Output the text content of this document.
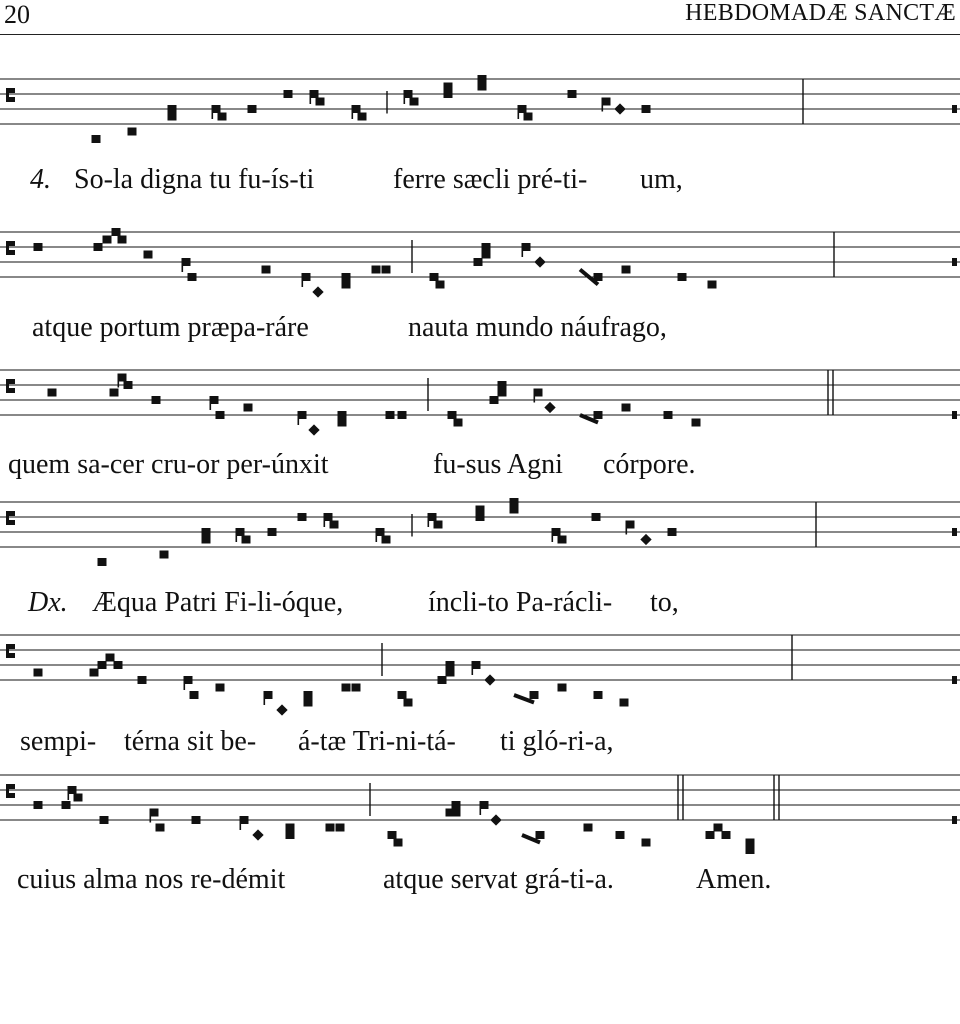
20	HEBDOMADÆ SANCTÆ

4.

So-la digna tu fu-ís-ti

	ferre sæcli pré-ti-

um,

atque portum præpa-ráre

	nauta mundo náufrago,

quem sa-cer cru-or per-únxit

	fu-sus Agni

córpore.

Dx.

Æqua Patri Fi-li-óque,

	íncli-to Pa-rácli-

to,

sempi-

térna sit be-

á-tæ Tri-ni-tá-

ti gló-ri-a,

cuius alma nos re-démit

	atque servat grá-ti-a.

	Amen.
